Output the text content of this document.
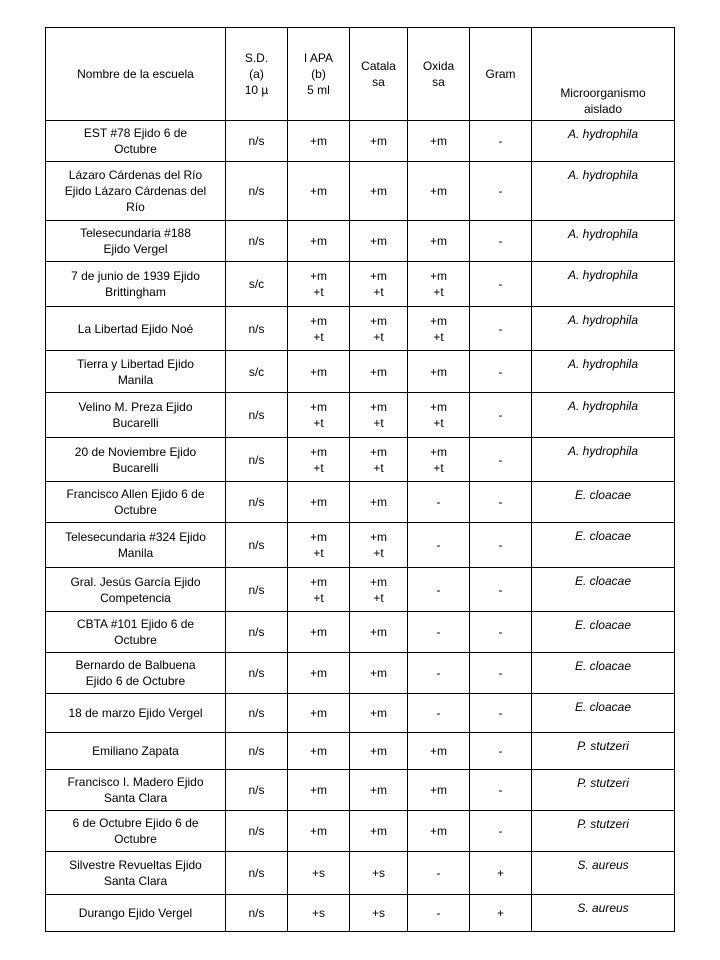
Nombre de la escuela	S.D.
(a)
10 µ	I APA
(b)
5 ml	Catala
sa	Oxida
sa	Gram	Microorganismo
aislado
EST #78 Ejido 6 de
Octubre	n/s	+m	+m	+m	-	A. hydrophila
Lázaro Cárdenas del Río
Ejido Lázaro Cárdenas del
Río	n/s	+m	+m	+m	-	A. hydrophila
Telesecundaria #188
Ejido Vergel	n/s	+m	+m	+m	-	A. hydrophila
7 de junio de 1939 Ejido
Brittingham	s/c	+m
+t	+m
+t	+m
+t	-	A. hydrophila
La Libertad Ejido Noé	n/s	+m
+t	+m
+t	+m
+t	-	A. hydrophila
Tierra y Libertad Ejido
Manila	s/c	+m	+m	+m	-	A. hydrophila
Velino M. Preza Ejido
Bucarelli	n/s	+m
+t	+m
+t	+m
+t	-	A. hydrophila
20 de Noviembre Ejido
Bucarelli	n/s	+m
+t	+m
+t	+m
+t	-	A. hydrophila
Francisco Allen Ejido 6 de
Octubre	n/s	+m	+m	-	-	E. cloacae
Telesecundaria #324 Ejido
Manila	n/s	+m
+t	+m
+t	-	-	E. cloacae
Gral. Jesús García Ejido
Competencia	n/s	+m
+t	+m
+t	-	-	E. cloacae
CBTA #101 Ejido 6 de
Octubre	n/s	+m	+m	-	-	E. cloacae
Bernardo de Balbuena
Ejido 6 de Octubre	n/s	+m	+m	-	-	E. cloacae
18 de marzo Ejido Vergel	n/s	+m	+m	-	-	E. cloacae
Emiliano Zapata	n/s	+m	+m	+m	-	P. stutzeri
Francisco I. Madero Ejido
Santa Clara	n/s	+m	+m	+m	-	P. stutzeri
6 de Octubre Ejido 6 de
Octubre	n/s	+m	+m	+m	-	P. stutzeri
Silvestre Revueltas Ejido
Santa Clara	n/s	+s	+s	-	+	S. aureus
Durango Ejido Vergel	n/s	+s	+s	-	+	S. aureus
